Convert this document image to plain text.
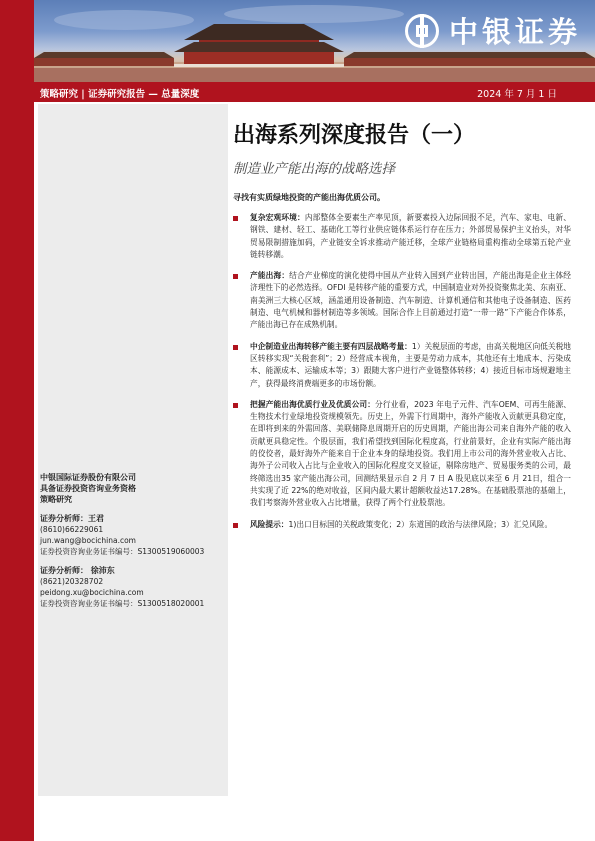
中银证券
策略研究 | 证券研究报告 — 总量深度	2024 年 7 月 1 日
中银国际证券股份有限公司
具备证券投资咨询业务资格
策略研究
证券分析师：王君
(8610)66229061
jun.wang@bocichina.com
证券投资咨询业务证书编号：S1300519060003
证券分析师： 徐沛东
(8621)20328702
peidong.xu@bocichina.com
证券投资咨询业务证书编号：S1300518020001
出海系列深度报告（一）
制造业产能出海的战略选择
寻找有实质绿地投资的产能出海优质公司。
复杂宏观环境：内部整体全要素生产率见顶，新要素投入边际回报不足，汽车、家电、电新、钢铁、建材、轻工、基础化工等行业供应链体系运行存在压力；外部贸易保护主义抬头，对华贸易限制措施加码，产业链安全诉求推动产能迁移，全球产业链格局重构推动全球第五轮产业链转移潮。
产能出海：结合产业梯度的演化使得中国从产业转入国到产业转出国，产能出海是企业主体经济理性下的必然选择。OFDI 是转移产能的重要方式，中国制造业对外投资聚焦北美、东南亚、南美洲三大核心区域，涵盖通用设备制造、汽车制造、计算机通信和其他电子设备制造、医药制造、电气机械和器材制造等多领域。国际合作上目前通过打造“一带一路”下产能合作体系，产能出海已存在成熟机制。
中企制造业出海转移产能主要有四层战略考量：1）关税层面的考虑，由高关税地区向低关税地区转移实现“关税套利”；2）经营成本视角，主要是劳动力成本，其他还有土地成本、污染成本、能源成本、运输成本等；3）跟随大客户进行产业链整体转移；4）接近目标市场规避地主产，获得最终消费端更多的市场份额。
把握产能出海优质行业及优质公司：分行业看，2023 年电子元件、汽车OEM、可再生能源、生物技术行业绿地投资规模领先。历史上，外需下行周期中，海外产能收入贡献更具稳定度，在即将到来的外需回落、美联储降息周期开启的历史周期，产能出海公司来自海外产能的收入贡献更具稳定性。个股层面，我们希望找到国际化程度高，行业前景好，企业有实际产能出海的佼佼者，最好海外产能来自于企业本身的绿地投资。我们用上市公司的海外营业收入占比、海外子公司收入占比与企业收入的国际化程度交叉验证，剔除房地产、贸易服务类的公司，最终筛选出35 家产能出海公司，回测结果显示自 2 月 7 日 A 股见底以来至 6 月 21日，组合一共实现了近 22%的绝对收益，区间内最大累计超额收益达17.28%。在基础股票池的基础上，我们考察海外营业收入占比增量，获得了两个行业股票池。
风险提示：1)出口目标国的关税政策变化；2）东道国的政治与法律风险；3）汇兑风险。
